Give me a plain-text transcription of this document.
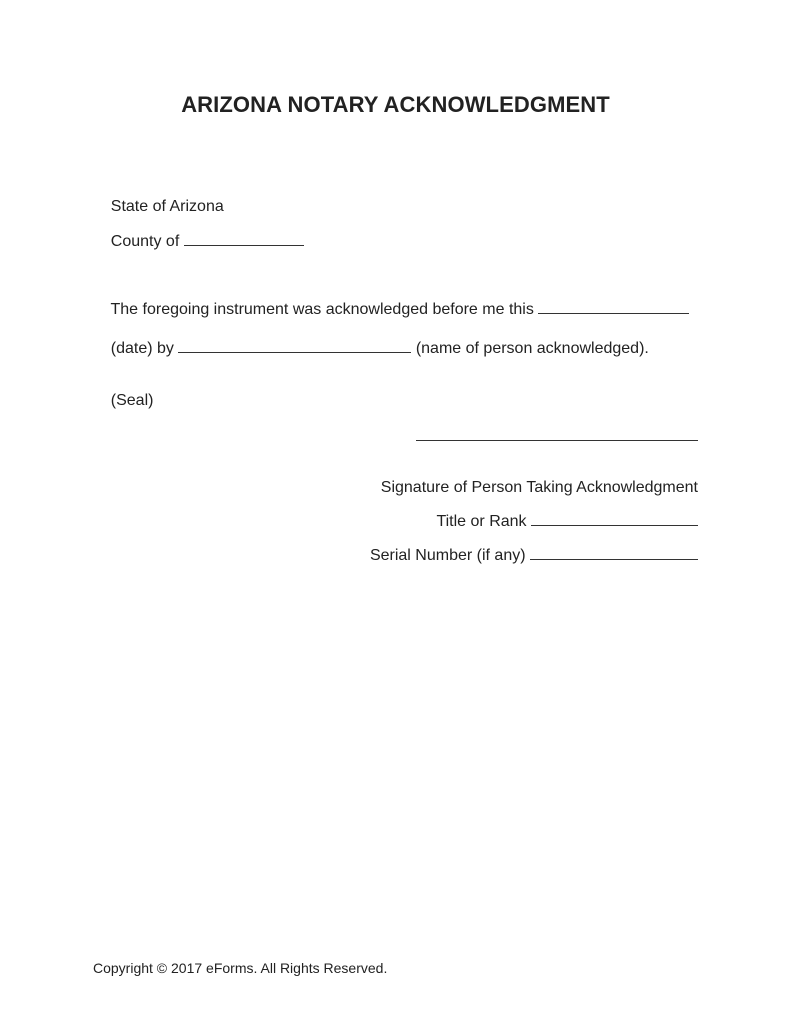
ARIZONA NOTARY ACKNOWLEDGMENT

State of Arizona

County of

The foregoing instrument was acknowledged before me this

(date) by	(name of person acknowledged).

(Seal)

Signature of Person Taking Acknowledgment

Title or Rank

Serial Number (if any)

Copyright © 2017 eForms. All Rights Reserved.
